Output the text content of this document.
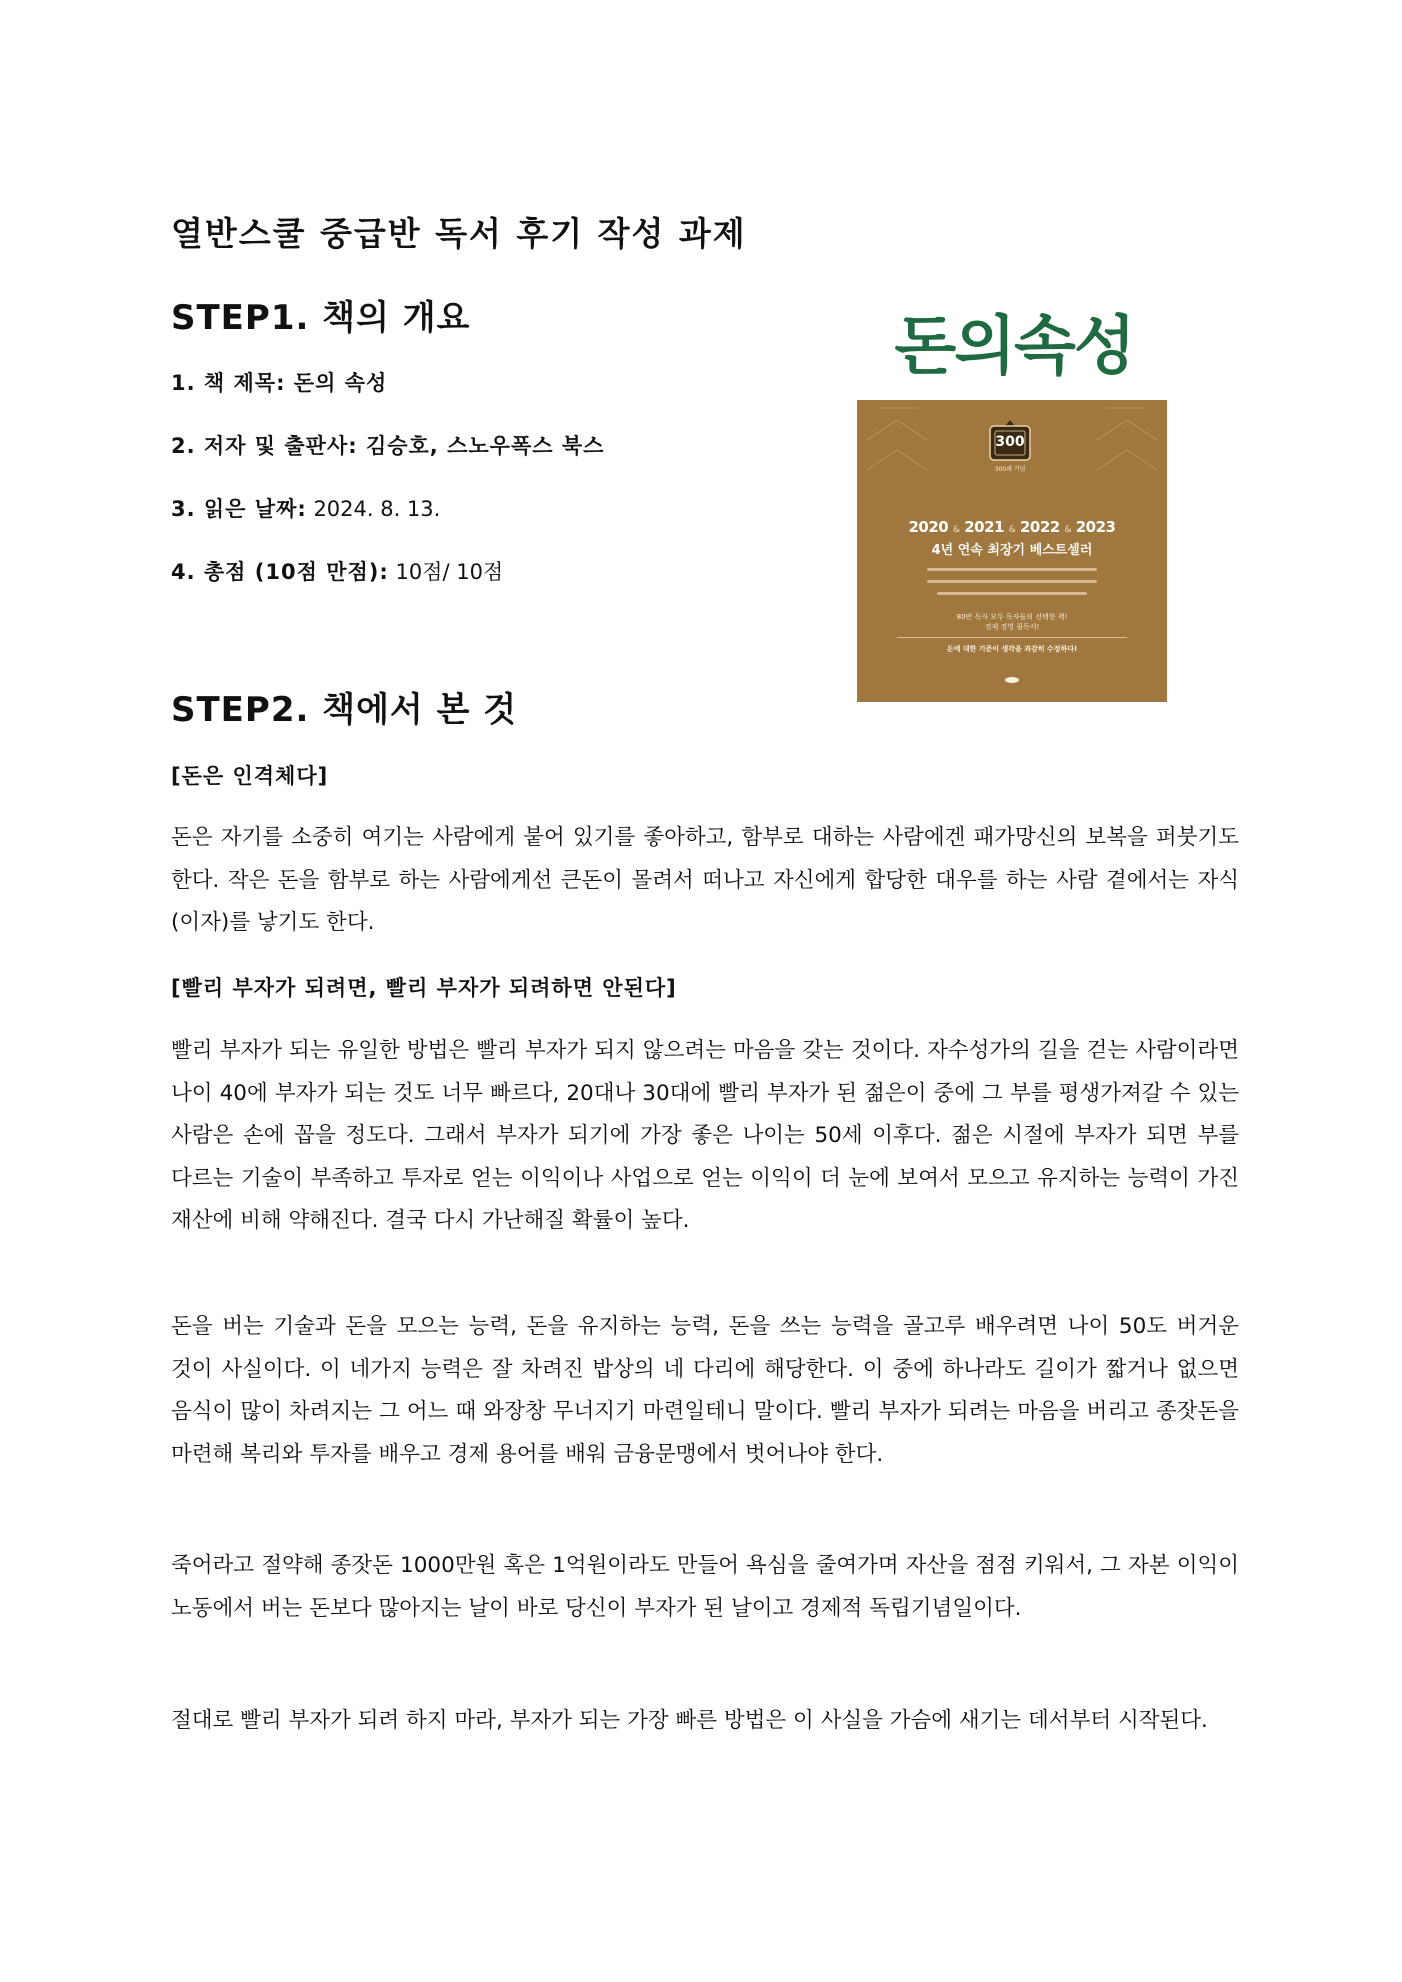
열반스쿨 중급반 독서 후기 작성 과제
STEP1. 책의 개요

1. 책 제목: 돈의 속성

2. 저자 및 출판사: 김승호, 스노우폭스 북스

3. 읽은 날짜: 2024. 8. 13.

4. 총점 (10점 만점): 10점/ 10점

돈의속성
300
300쇄 기념
2020 & 2021 & 2022 & 2023
4년 연속 최장기 베스트셀러
80만 독자 모두 독자들의 선택한 책!
경제 경영 필독서!
돈에 대한 기준이 생각을 과감히 수정하다!
STEP2. 책에서 본 것

[돈은 인격체다]

돈은 자기를 소중히 여기는 사람에게 붙어 있기를 좋아하고, 함부로 대하는 사람에겐 패가망신의 보복을 퍼붓기도 한다. 작은 돈을 함부로 하는 사람에게선 큰돈이 몰려서 떠나고 자신에게 합당한 대우를 하는 사람 곁에서는 자식(이자)를 낳기도 한다.

[빨리 부자가 되려면, 빨리 부자가 되려하면 안된다]

빨리 부자가 되는 유일한 방법은 빨리 부자가 되지 않으려는 마음을 갖는 것이다. 자수성가의 길을 걷는 사람이라면 나이 40에 부자가 되는 것도 너무 빠르다, 20대나 30대에 빨리 부자가 된 젊은이 중에 그 부를 평생가져갈 수 있는 사람은 손에 꼽을 정도다. 그래서 부자가 되기에 가장 좋은 나이는 50세 이후다. 젊은 시절에 부자가 되면 부를 다르는 기술이 부족하고 투자로 얻는 이익이나 사업으로 얻는 이익이 더 눈에 보여서 모으고 유지하는 능력이 가진 재산에 비해 약해진다. 결국 다시 가난해질 확률이 높다.

돈을 버는 기술과 돈을 모으는 능력, 돈을 유지하는 능력, 돈을 쓰는 능력을 골고루 배우려면 나이 50도 버거운 것이 사실이다. 이 네가지 능력은 잘 차려진 밥상의 네 다리에 해당한다. 이 중에 하나라도 길이가 짧거나 없으면 음식이 많이 차려지는 그 어느 때 와장창 무너지기 마련일테니 말이다. 빨리 부자가 되려는 마음을 버리고 종잣돈을 마련해 복리와 투자를 배우고 경제 용어를 배워 금융문맹에서 벗어나야 한다.

죽어라고 절약해 종잣돈 1000만원 혹은 1억원이라도 만들어 욕심을 줄여가며 자산을 점점 키워서, 그 자본 이익이 노동에서 버는 돈보다 많아지는 날이 바로 당신이 부자가 된 날이고 경제적 독립기념일이다.

절대로 빨리 부자가 되려 하지 마라, 부자가 되는 가장 빠른 방법은 이 사실을 가슴에 새기는 데서부터 시작된다.
